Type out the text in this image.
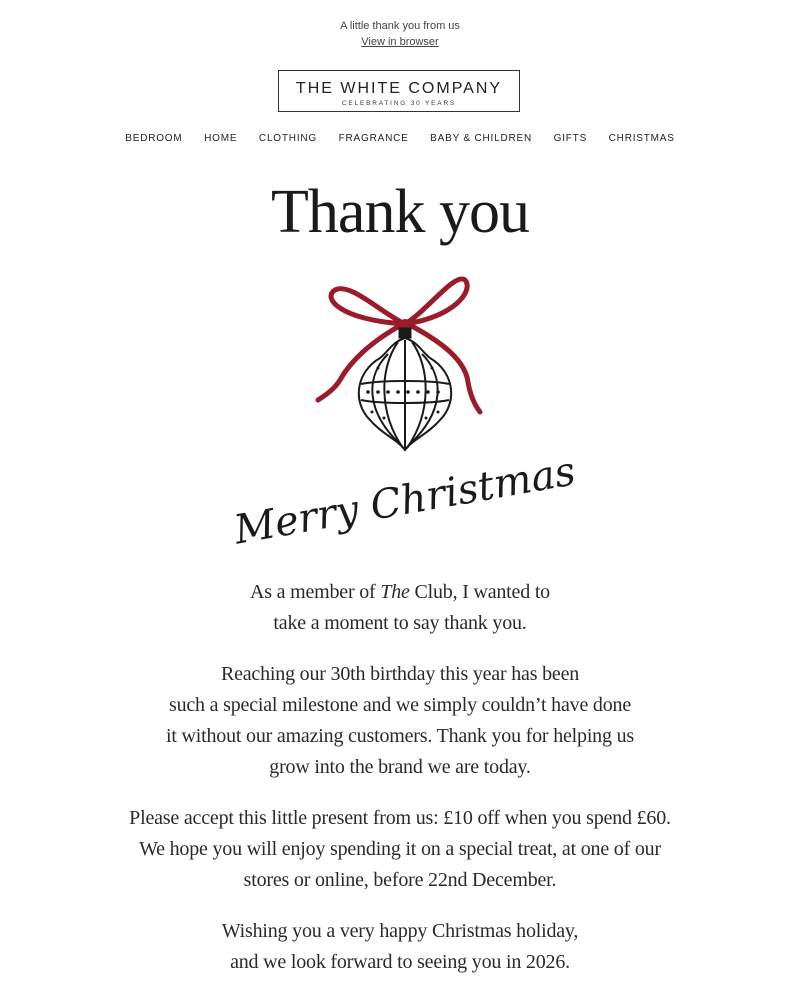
A little thank you from us
View in browser
THE WHITE COMPANY
CELEBRATING 30 YEARS
BEDROOM HOME CLOTHING FRAGRANCE BABY & CHILDREN GIFTS CHRISTMAS
Thank you
Merry Christmas

As a member of The Club, I wanted to
take a moment to say thank you.

Reaching our 30th birthday this year has been
such a special milestone and we simply couldn’t have done
it without our amazing customers. Thank you for helping us
grow into the brand we are today.

Please accept this little present from us: £10 off when you spend £60.
We hope you will enjoy spending it on a special treat, at one of our
stores or online, before 22nd December.

Wishing you a very happy Christmas holiday,
and we look forward to seeing you in 2026.
